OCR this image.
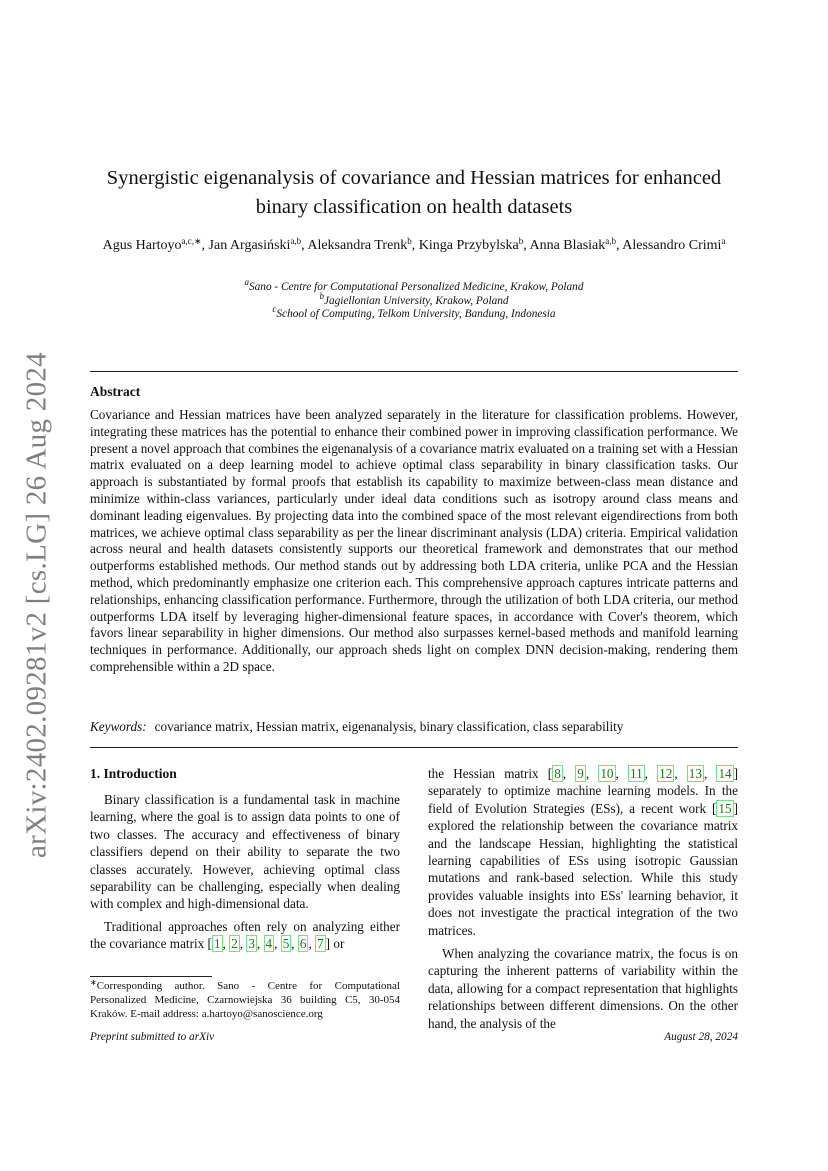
arXiv:2402.09281v2 [cs.LG] 26 Aug 2024
Synergistic eigenanalysis of covariance and Hessian matrices for enhanced binary classification on health datasets
Agus Hartoyo$^{a,c,∗}$, Jan Argasiński$^{a,b}$, Aleksandra Trenk$^b$, Kinga Przybylska$^b$, Anna Blasiak$^{a,b}$, Alessandro Crimi$^a$
$^a$Sano - Centre for Computational Personalized Medicine, Krakow, Poland
$^b$Jagiellonian University, Krakow, Poland
$^c$School of Computing, Telkom University, Bandung, Indonesia
Abstract

Covariance and Hessian matrices have been analyzed separately in the literature for classification problems. However, integrating these matrices has the potential to enhance their combined power in improving classification performance. We present a novel approach that combines the eigenanalysis of a covariance matrix evaluated on a training set with a Hessian matrix evaluated on a deep learning model to achieve optimal class separability in binary classification tasks. Our approach is substantiated by formal proofs that establish its capability to maximize between-class mean distance and minimize within-class variances, particularly under ideal data conditions such as isotropy around class means and dominant leading eigenvalues. By projecting data into the combined space of the most relevant eigendirections from both matrices, we achieve optimal class separability as per the linear discriminant analysis (LDA) criteria. Empirical validation across neural and health datasets consistently supports our theoretical framework and demonstrates that our method outperforms established methods. Our method stands out by addressing both LDA criteria, unlike PCA and the Hessian method, which predominantly emphasize one criterion each. This comprehensive approach captures intricate patterns and relationships, enhancing classification performance. Furthermore, through the utilization of both LDA criteria, our method outperforms LDA itself by leveraging higher-dimensional feature spaces, in accordance with Cover's theorem, which favors linear separability in higher dimensions. Our method also surpasses kernel-based methods and manifold learning techniques in performance. Additionally, our approach sheds light on complex DNN decision-making, rendering them comprehensible within a 2D space.

Keywords: covariance matrix, Hessian matrix, eigenanalysis, binary classification, class separability
1. Introduction

Binary classification is a fundamental task in machine learning, where the goal is to assign data points to one of two classes. The accuracy and effectiveness of binary classifiers depend on their ability to separate the two classes accurately. However, achieving optimal class separability can be challenging, especially when dealing with complex and high-dimensional data.

Traditional approaches often rely on analyzing either the covariance matrix [ 1 , 2 , 3 , 4 , 5 , 6 , 7 ] or

the Hessian matrix [ 8 , 9 , 10 , 11 , 12 , 13 , 14 ] separately to optimize machine learning models. In the field of Evolution Strategies (ESs), a recent work [ 15 ] explored the relationship between the covariance matrix and the landscape Hessian, highlighting the statistical learning capabilities of ESs using isotropic Gaussian mutations and rank-based selection. While this study provides valuable insights into ESs' learning behavior, it does not investigate the practical integration of the two matrices.

When analyzing the covariance matrix, the focus is on capturing the inherent patterns of variability within the data, allowing for a compact representation that highlights relationships between different dimensions. On the other hand, the analysis of the

∗Corresponding author. Sano - Centre for Computational Personalized Medicine, Czarnowiejska 36 building C5, 30-054 Kraków. E-mail address: a.hartoyo@sanoscience.org
Preprint submitted to arXiv	August 28, 2024
